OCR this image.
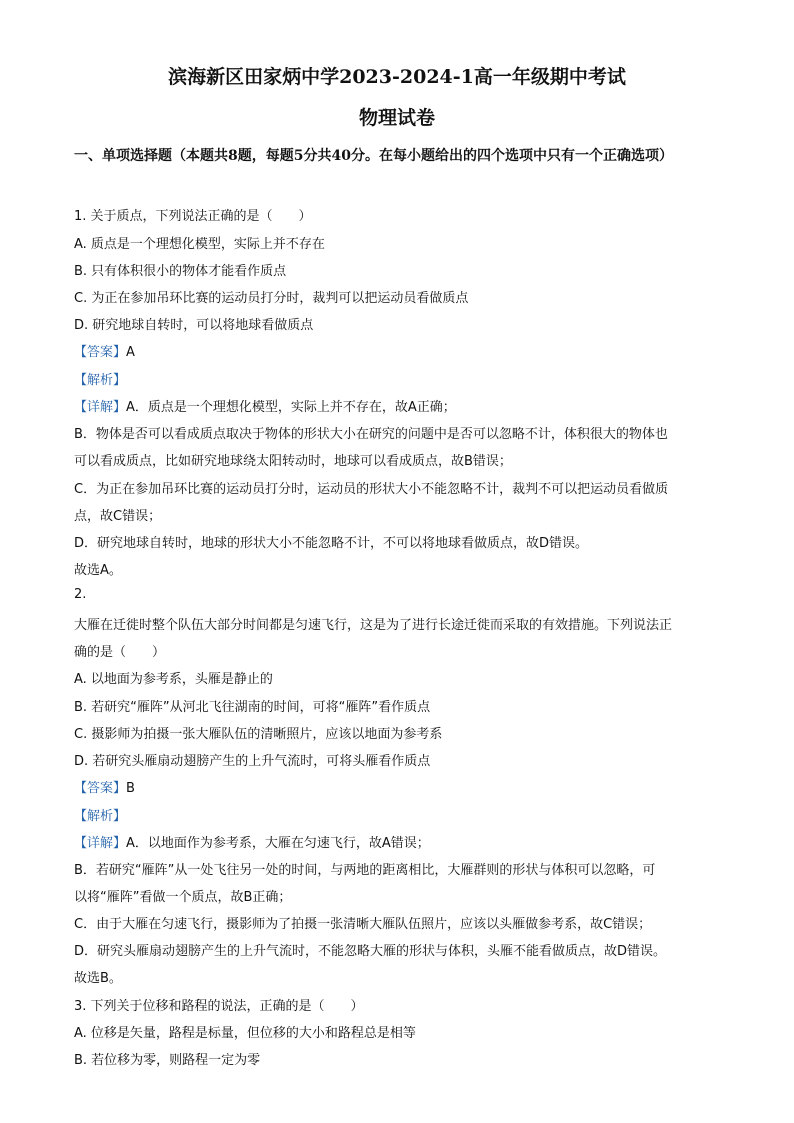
滨海新区田家炳中学2023-2024-1高一年级期中考试
物理试卷
一、单项选择题（本题共8题，每题5分共40分。在每小题给出的四个选项中只有一个正确选项）
1. 关于质点，下列说法正确的是（　　）
A. 质点是一个理想化模型，实际上并不存在
B. 只有体积很小的物体才能看作质点
C. 为正在参加吊环比赛的运动员打分时，裁判可以把运动员看做质点
D. 研究地球自转时，可以将地球看做质点
【答案】A
【解析】
【详解】A．质点是一个理想化模型，实际上并不存在，故A正确；
B．物体是否可以看成质点取决于物体的形状大小在研究的问题中是否可以忽略不计，体积很大的物体也
可以看成质点，比如研究地球绕太阳转动时，地球可以看成质点，故B错误；
C．为正在参加吊环比赛的运动员打分时，运动员的形状大小不能忽略不计，裁判不可以把运动员看做质
点，故C错误；
D．研究地球自转时，地球的形状大小不能忽略不计，不可以将地球看做质点，故D错误。
故选A。
2.
大雁在迁徙时整个队伍大部分时间都是匀速飞行，这是为了进行长途迁徙而采取的有效措施。下列说法正
确的是（　　）
A. 以地面为参考系，头雁是静止的
B. 若研究“雁阵”从河北飞往湖南的时间，可将“雁阵”看作质点
C. 摄影师为拍摄一张大雁队伍的清晰照片，应该以地面为参考系
D. 若研究头雁扇动翅膀产生的上升气流时，可将头雁看作质点
【答案】B
【解析】
【详解】A．以地面作为参考系，大雁在匀速飞行，故A错误；
B．若研究“雁阵”从一处飞往另一处的时间，与两地的距离相比，大雁群则的形状与体积可以忽略，可
以将“雁阵”看做一个质点，故B正确；
C．由于大雁在匀速飞行，摄影师为了拍摄一张清晰大雁队伍照片，应该以头雁做参考系，故C错误；
D．研究头雁扇动翅膀产生的上升气流时，不能忽略大雁的形状与体积，头雁不能看做质点，故D错误。
故选B。
3. 下列关于位移和路程的说法，正确的是（　　）
A. 位移是矢量，路程是标量，但位移的大小和路程总是相等
B. 若位移为零，则路程一定为零
